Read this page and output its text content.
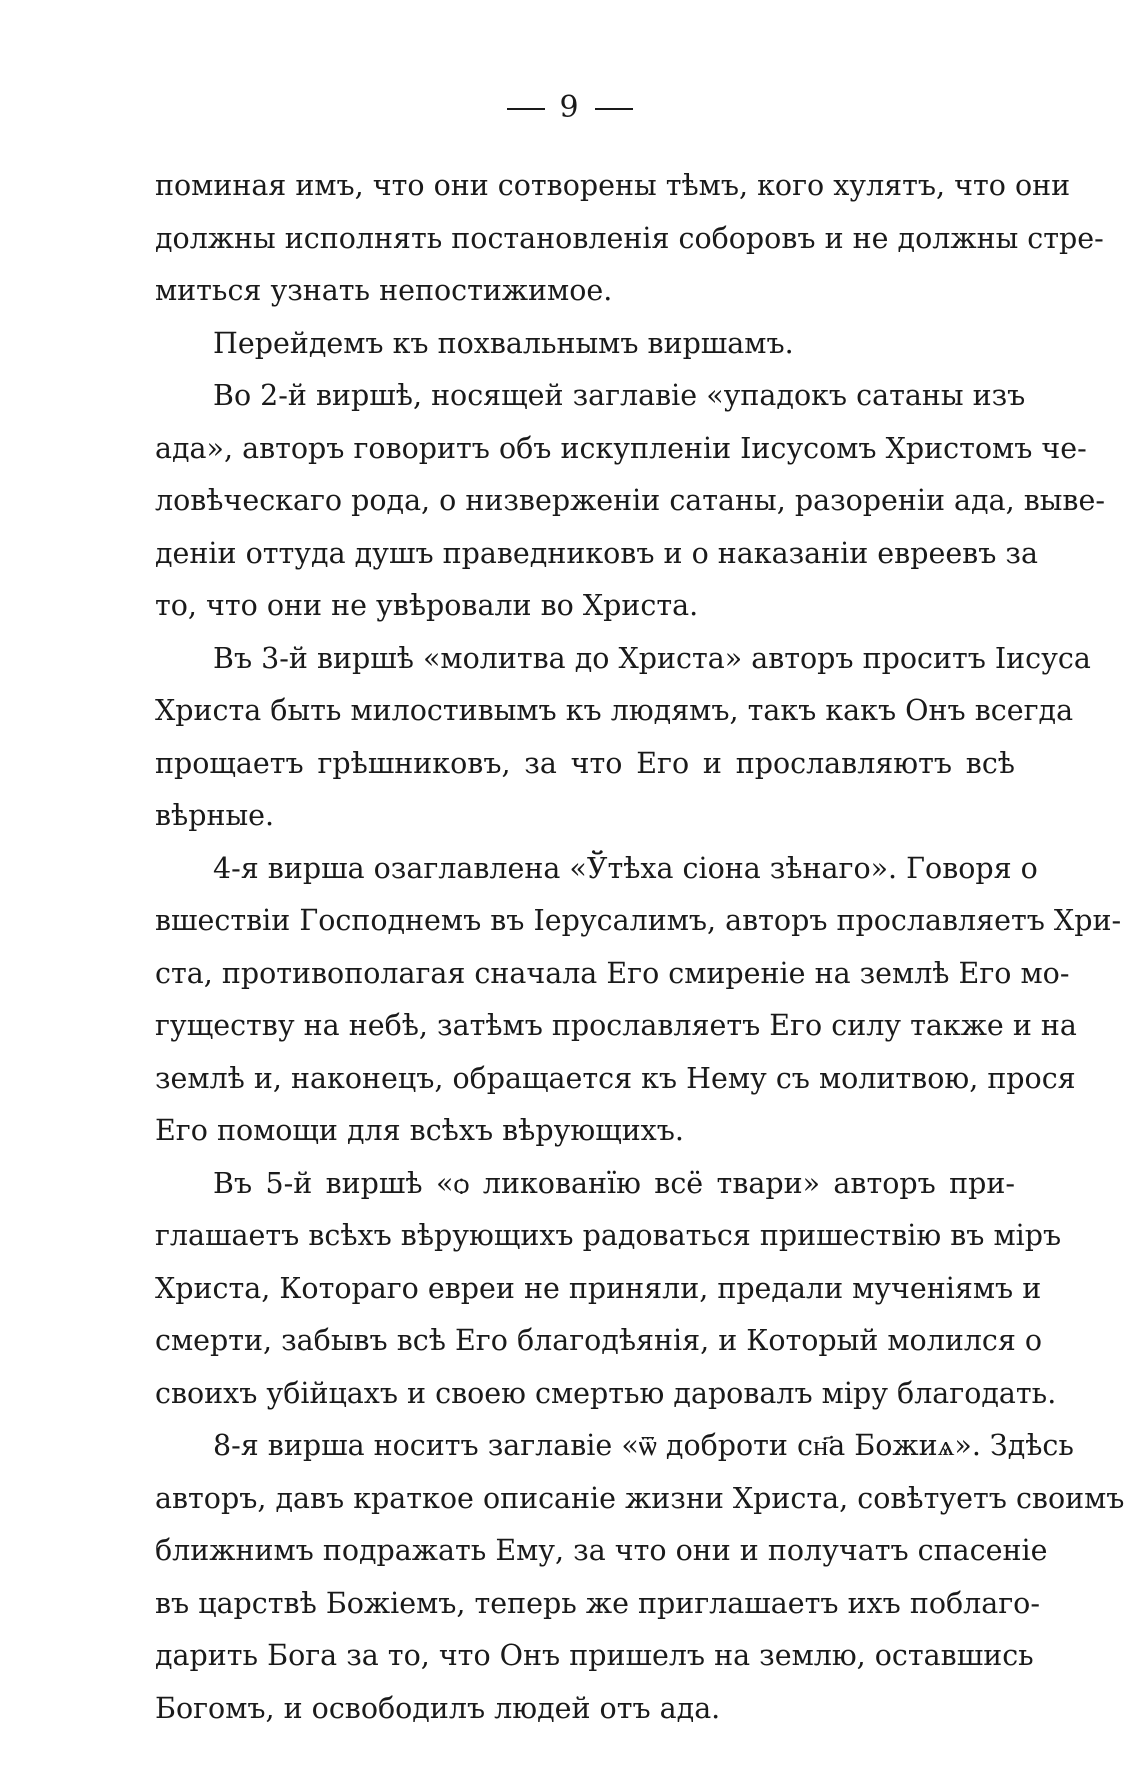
9
поминая имъ, что они сотворены тѣмъ, кого хулятъ, что они
должны исполнять постановленія соборовъ и не должны стре-
миться узнать непостижимое.
Перейдемъ къ похвальнымъ виршамъ.
Во 2-й виршѣ, носящей заглавіе «упадокъ сатаны изъ
ада», авторъ говоритъ объ искупленіи Іисусомъ Христомъ че-
ловѣческаго рода, о низверженіи сатаны, разореніи ада, выве-
деніи оттуда душъ праведниковъ и о наказаніи евреевъ за
то, что они не увѣровали во Христа.
Въ 3-й виршѣ «молитва до Христа» авторъ проситъ Іисуса
Христа быть милостивымъ къ людямъ, такъ какъ Онъ всегда
прощаетъ грѣшниковъ, за что Его и прославляютъ всѣ
вѣрные.
4-я вирша озаглавлена «Ўтѣха сіона зѣнаго». Говоря о
вшествіи Господнемъ въ Іерусалимъ, авторъ прославляетъ Хри-
ста, противополагая сначала Его смиреніе на землѣ Его мо-
гуществу на небѣ, затѣмъ прославляетъ Его силу также и на
землѣ и, наконецъ, обращается къ Нему съ молитвою, прося
Его помощи для всѣхъ вѣрующихъ.
Въ 5-й виршѣ «ѻ ликованїю всё твари» авторъ при-
глашаетъ всѣхъ вѣрующихъ радоваться пришествію въ міръ
Христа, Котораго евреи не приняли, предали мученіямъ и
смерти, забывъ всѣ Его благодѣянія, и Который молился о
своихъ убійцахъ и своею смертью даровалъ міру благодать.
8-я вирша носитъ заглавіе «ѿ доброти сн҃а Божиѧ». Здѣсь
авторъ, давъ краткое описаніе жизни Христа, совѣтуетъ своимъ
ближнимъ подражать Ему, за что они и получатъ спасеніе
въ царствѣ Божіемъ, теперь же приглашаетъ ихъ поблаго-
дарить Бога за то, что Онъ пришелъ на землю, оставшись
Богомъ, и освободилъ людей отъ ада.
